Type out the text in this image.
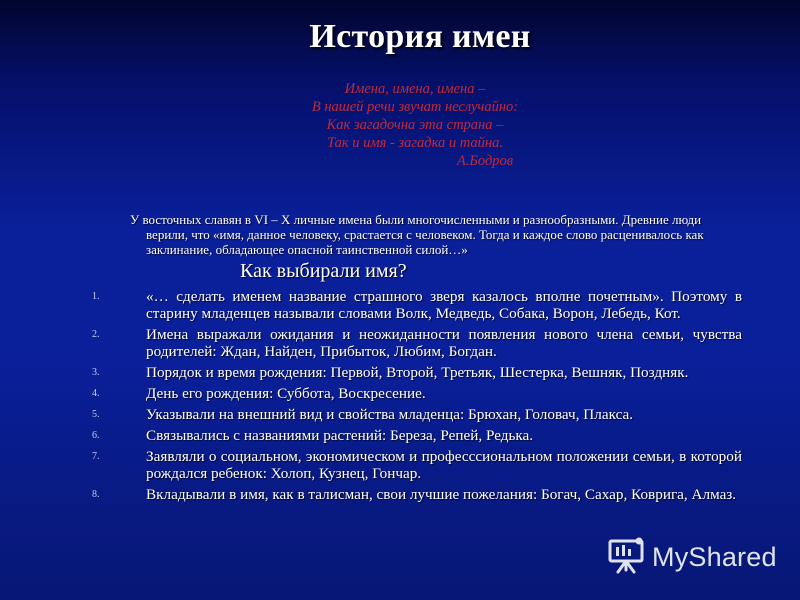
История имен
Имена, имена, имена –
В нашей речи звучат неслучайно:
Как загадочна эта страна –
Так и имя - загадка и тайна.
А.Бодров
У восточных славян в VI – X личные имена были многочисленными и разнообразными. Древние люди верили, что «имя, данное человеку, срастается с человеком. Тогда и каждое слово расценивалось как заклинание, обладающее опасной таинственной силой…»
Как выбирали имя?
1.	«… сделать именем название страшного зверя казалось вполне почетным». Поэтому в старину младенцев называли словами Волк, Медведь, Собака, Ворон, Лебедь, Кот.
2.	Имена выражали ожидания и неожиданности появления нового члена семьи, чувства родителей: Ждан, Найден, Прибыток, Любим, Богдан.
3.	Порядок и время рождения: Первой, Второй, Третьяк, Шестерка, Вешняк, Поздняк.
4.	День его рождения: Суббота, Воскресение.
5.	Указывали на внешний вид и свойства младенца: Брюхан, Головач, Плакса.
6.	Связывались с названиями растений: Береза, Репей, Редька.
7.	Заявляли о социальном, экономическом и професссиональном положении семьи, в которой рождался ребенок: Холоп, Кузнец, Гончар.
8.	Вкладывали в имя, как в талисман, свои лучшие пожелания: Богач, Сахар, Коврига, Алмаз.
MyShared
